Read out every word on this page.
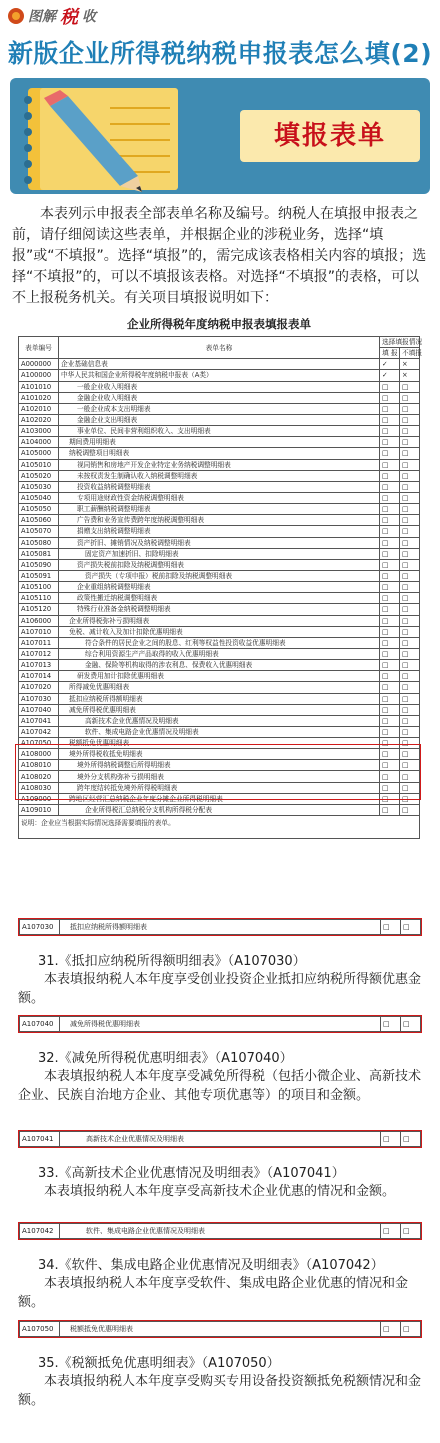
图解 税 收
新版企业所得税纳税申报表怎么填(2)
填报表单
本表列示申报表全部表单名称及编号。纳税人在填报申报表之前，请仔细阅读这些表单，并根据企业的涉税业务，选择“填报”或“不填报”。选择“填报”的，需完成该表格相关内容的填报；选择“不填报”的，可以不填报该表格。对选择“不填报”的表格，可以不上报税务机关。有关项目填报说明如下：
企业所得税年度纳税申报表填报表单
表单编号	表单名称	选择填报情况	
		填 报	不填报
A000000	企业基础信息表	✓	×
A100000	中华人民共和国企业所得税年度纳税申报表（A类）	✓	×
A101010	一般企业收入明细表	□	□
A101020	金融企业收入明细表	□	□
A102010	一般企业成本支出明细表	□	□
A102020	金融企业支出明细表	□	□
A103000	事业单位、民间非营利组织收入、支出明细表	□	□
A104000	期间费用明细表	□	□
A105000	纳税调整项目明细表	□	□
A105010	视同销售和房地产开发企业特定业务纳税调整明细表	□	□
A105020	未按权责发生制确认收入纳税调整明细表	□	□
A105030	投资收益纳税调整明细表	□	□
A105040	专项用途财政性资金纳税调整明细表	□	□
A105050	职工薪酬纳税调整明细表	□	□
A105060	广告费和业务宣传费跨年度纳税调整明细表	□	□
A105070	捐赠支出纳税调整明细表	□	□
A105080	资产折旧、摊销情况及纳税调整明细表	□	□
A105081	固定资产加速折旧、扣除明细表	□	□
A105090	资产损失税前扣除及纳税调整明细表	□	□
A105091	资产损失（专项申报）税前扣除及纳税调整明细表	□	□
A105100	企业重组纳税调整明细表	□	□
A105110	政策性搬迁纳税调整明细表	□	□
A105120	特殊行业准备金纳税调整明细表	□	□
A106000	企业所得税弥补亏损明细表	□	□
A107010	免税、减计收入及加计扣除优惠明细表	□	□
A107011	符合条件的居民企业之间的股息、红利等权益性投资收益优惠明细表	□	□
A107012	综合利用资源生产产品取得的收入优惠明细表	□	□
A107013	金融、保险等机构取得的涉农利息、保费收入优惠明细表	□	□
A107014	研发费用加计扣除优惠明细表	□	□
A107020	所得减免优惠明细表	□	□
A107030	抵扣应纳税所得额明细表	□	□
A107040	减免所得税优惠明细表	□	□
A107041	高新技术企业优惠情况及明细表	□	□
A107042	软件、集成电路企业优惠情况及明细表	□	□
A107050	税额抵免优惠明细表	□	□
A108000	境外所得税收抵免明细表	□	□
A108010	境外所得纳税调整后所得明细表	□	□
A108020	境外分支机构弥补亏损明细表	□	□
A108030	跨年度结转抵免境外所得税明细表	□	□
A109000	跨地区经营汇总纳税企业年度分摊企业所得税明细表	□	□
A109010	企业所得税汇总纳税分支机构所得税分配表	□	□
说明：企业应当根据实际情况选择需要填报的表单。
A107030	抵扣应纳税所得额明细表	□	□
31.《抵扣应纳税所得额明细表》（A107030）
本表填报纳税人本年度享受创业投资企业抵扣应纳税所得额优惠金额。
A107040	减免所得税优惠明细表	□	□
32.《减免所得税优惠明细表》（A107040）
本表填报纳税人本年度享受减免所得税（包括小微企业、高新技术企业、民族自治地方企业、其他专项优惠等）的项目和金额。
A107041	高新技术企业优惠情况及明细表	□	□
33.《高新技术企业优惠情况及明细表》（A107041）
本表填报纳税人本年度享受高新技术企业优惠的情况和金额。
A107042	软件、集成电路企业优惠情况及明细表	□	□
34.《软件、集成电路企业优惠情况及明细表》（A107042）
本表填报纳税人本年度享受软件、集成电路企业优惠的情况和金额。
A107050	税额抵免优惠明细表	□	□
35.《税额抵免优惠明细表》（A107050）
本表填报纳税人本年度享受购买专用设备投资额抵免税额情况和金额。
